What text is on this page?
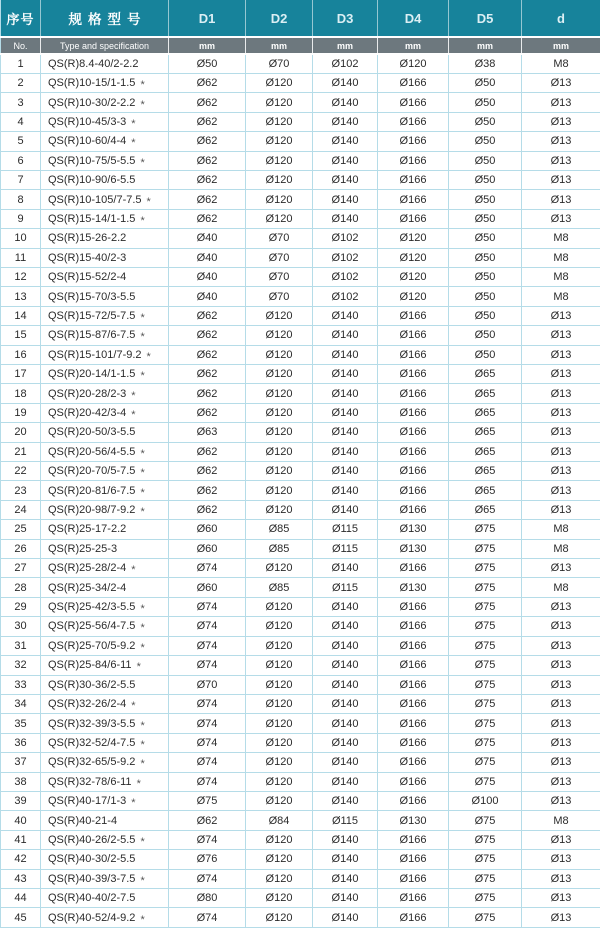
序号	规格型号	D1	D2	D3	D4	D5	d
No.	Type and specification	mm	mm	mm	mm	mm	mm
1	QS(R)8.4-40/2-2.2	Ø50	Ø70	Ø102	Ø120	Ø38	M8
2	QS(R)10-15/1-1.5 *	Ø62	Ø120	Ø140	Ø166	Ø50	Ø13
3	QS(R)10-30/2-2.2 *	Ø62	Ø120	Ø140	Ø166	Ø50	Ø13
4	QS(R)10-45/3-3 *	Ø62	Ø120	Ø140	Ø166	Ø50	Ø13
5	QS(R)10-60/4-4 *	Ø62	Ø120	Ø140	Ø166	Ø50	Ø13
6	QS(R)10-75/5-5.5 *	Ø62	Ø120	Ø140	Ø166	Ø50	Ø13
7	QS(R)10-90/6-5.5	Ø62	Ø120	Ø140	Ø166	Ø50	Ø13
8	QS(R)10-105/7-7.5 *	Ø62	Ø120	Ø140	Ø166	Ø50	Ø13
9	QS(R)15-14/1-1.5 *	Ø62	Ø120	Ø140	Ø166	Ø50	Ø13
10	QS(R)15-26-2.2	Ø40	Ø70	Ø102	Ø120	Ø50	M8
11	QS(R)15-40/2-3	Ø40	Ø70	Ø102	Ø120	Ø50	M8
12	QS(R)15-52/2-4	Ø40	Ø70	Ø102	Ø120	Ø50	M8
13	QS(R)15-70/3-5.5	Ø40	Ø70	Ø102	Ø120	Ø50	M8
14	QS(R)15-72/5-7.5 *	Ø62	Ø120	Ø140	Ø166	Ø50	Ø13
15	QS(R)15-87/6-7.5 *	Ø62	Ø120	Ø140	Ø166	Ø50	Ø13
16	QS(R)15-101/7-9.2 *	Ø62	Ø120	Ø140	Ø166	Ø50	Ø13
17	QS(R)20-14/1-1.5 *	Ø62	Ø120	Ø140	Ø166	Ø65	Ø13
18	QS(R)20-28/2-3 *	Ø62	Ø120	Ø140	Ø166	Ø65	Ø13
19	QS(R)20-42/3-4 *	Ø62	Ø120	Ø140	Ø166	Ø65	Ø13
20	QS(R)20-50/3-5.5	Ø63	Ø120	Ø140	Ø166	Ø65	Ø13
21	QS(R)20-56/4-5.5 *	Ø62	Ø120	Ø140	Ø166	Ø65	Ø13
22	QS(R)20-70/5-7.5 *	Ø62	Ø120	Ø140	Ø166	Ø65	Ø13
23	QS(R)20-81/6-7.5 *	Ø62	Ø120	Ø140	Ø166	Ø65	Ø13
24	QS(R)20-98/7-9.2 *	Ø62	Ø120	Ø140	Ø166	Ø65	Ø13
25	QS(R)25-17-2.2	Ø60	Ø85	Ø115	Ø130	Ø75	M8
26	QS(R)25-25-3	Ø60	Ø85	Ø115	Ø130	Ø75	M8
27	QS(R)25-28/2-4 *	Ø74	Ø120	Ø140	Ø166	Ø75	Ø13
28	QS(R)25-34/2-4	Ø60	Ø85	Ø115	Ø130	Ø75	M8
29	QS(R)25-42/3-5.5 *	Ø74	Ø120	Ø140	Ø166	Ø75	Ø13
30	QS(R)25-56/4-7.5 *	Ø74	Ø120	Ø140	Ø166	Ø75	Ø13
31	QS(R)25-70/5-9.2 *	Ø74	Ø120	Ø140	Ø166	Ø75	Ø13
32	QS(R)25-84/6-11 *	Ø74	Ø120	Ø140	Ø166	Ø75	Ø13
33	QS(R)30-36/2-5.5	Ø70	Ø120	Ø140	Ø166	Ø75	Ø13
34	QS(R)32-26/2-4 *	Ø74	Ø120	Ø140	Ø166	Ø75	Ø13
35	QS(R)32-39/3-5.5 *	Ø74	Ø120	Ø140	Ø166	Ø75	Ø13
36	QS(R)32-52/4-7.5 *	Ø74	Ø120	Ø140	Ø166	Ø75	Ø13
37	QS(R)32-65/5-9.2 *	Ø74	Ø120	Ø140	Ø166	Ø75	Ø13
38	QS(R)32-78/6-11 *	Ø74	Ø120	Ø140	Ø166	Ø75	Ø13
39	QS(R)40-17/1-3 *	Ø75	Ø120	Ø140	Ø166	Ø100	Ø13
40	QS(R)40-21-4	Ø62	Ø84	Ø115	Ø130	Ø75	M8
41	QS(R)40-26/2-5.5 *	Ø74	Ø120	Ø140	Ø166	Ø75	Ø13
42	QS(R)40-30/2-5.5	Ø76	Ø120	Ø140	Ø166	Ø75	Ø13
43	QS(R)40-39/3-7.5 *	Ø74	Ø120	Ø140	Ø166	Ø75	Ø13
44	QS(R)40-40/2-7.5	Ø80	Ø120	Ø140	Ø166	Ø75	Ø13
45	QS(R)40-52/4-9.2 *	Ø74	Ø120	Ø140	Ø166	Ø75	Ø13
